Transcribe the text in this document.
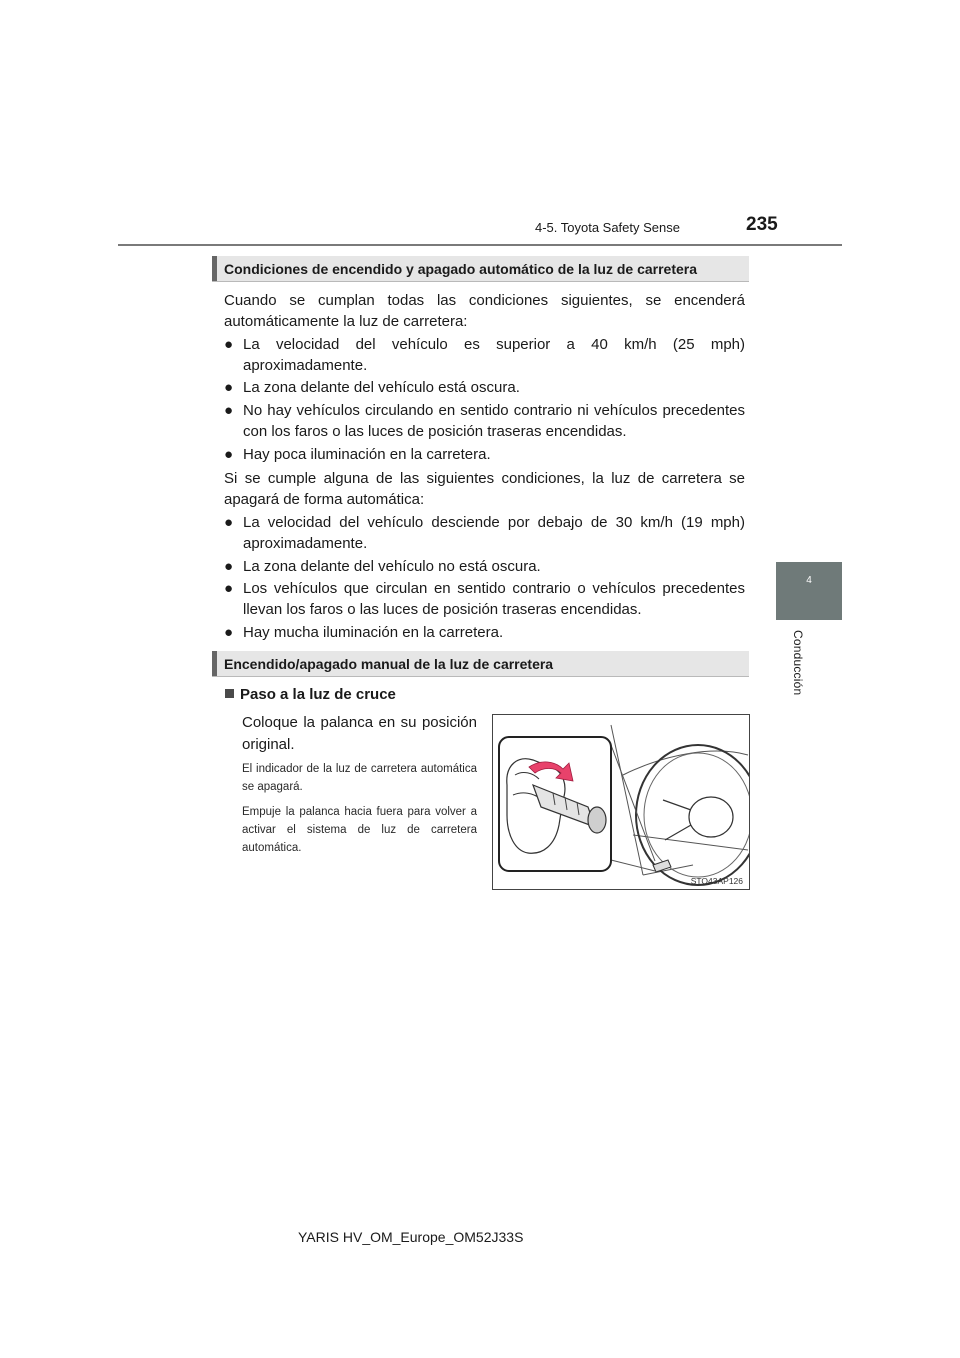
4-5. Toyota Safety Sense	235
4
Conducción
Condiciones de encendido y apagado automático de la luz de carretera
Cuando se cumplan todas las condiciones siguientes, se encenderá automáticamente la luz de carretera:
● La velocidad del vehículo es superior a 40 km/h (25 mph) aproximadamente.
● La zona delante del vehículo está oscura.
● No hay vehículos circulando en sentido contrario ni vehículos precedentes con los faros o las luces de posición traseras encendidas.
● Hay poca iluminación en la carretera.
Si se cumple alguna de las siguientes condiciones, la luz de carretera se apagará de forma automática:
● La velocidad del vehículo desciende por debajo de 30 km/h (19 mph) aproximadamente.
● La zona delante del vehículo no está oscura.
● Los vehículos que circulan en sentido contrario o vehículos precedentes llevan los faros o las luces de posición traseras encendidas.
● Hay mucha iluminación en la carretera.
Encendido/apagado manual de la luz de carretera
Paso a la luz de cruce
Coloque la palanca en su posición original.
El indicador de la luz de carretera automática se apagará.
Empuje la palanca hacia fuera para volver a activar el sistema de luz de carretera automática.
STO43AP126
YARIS HV_OM_Europe_OM52J33S
